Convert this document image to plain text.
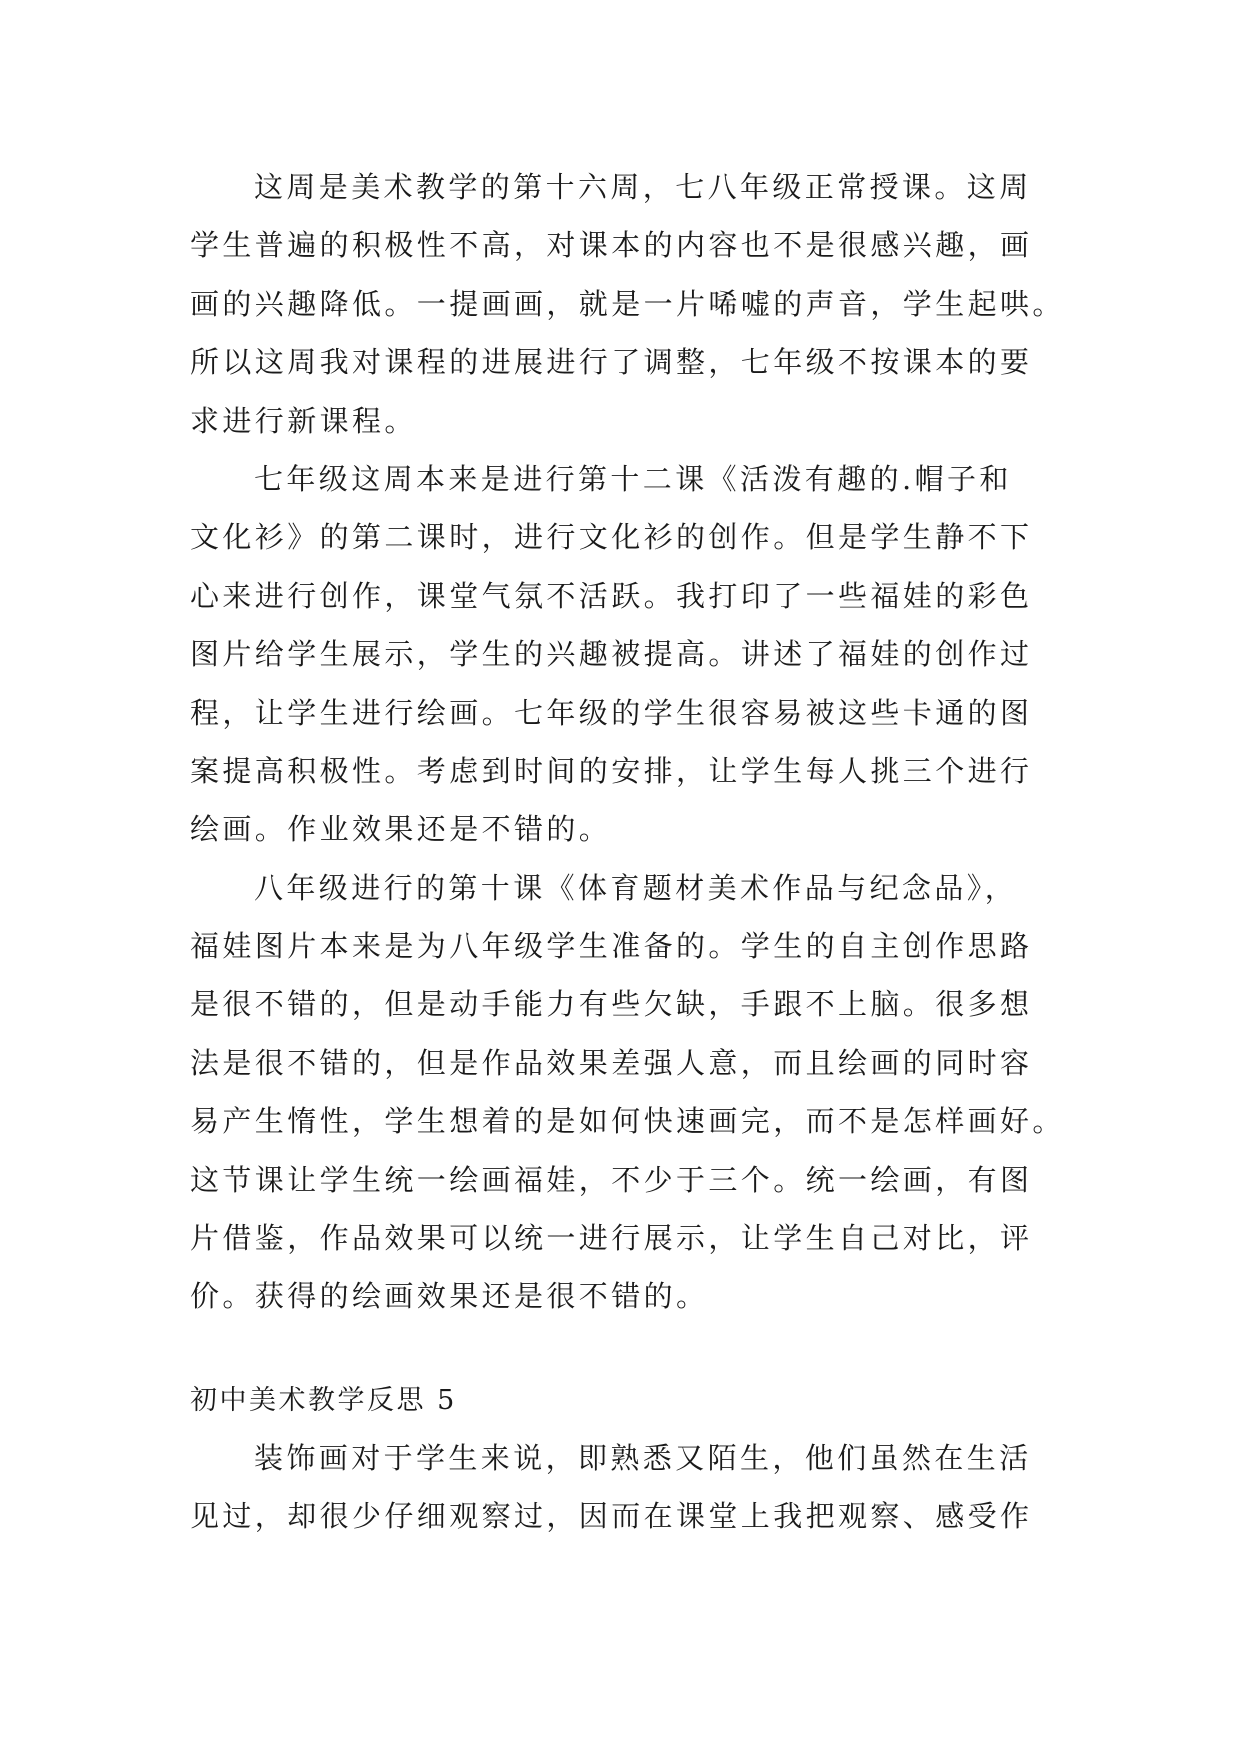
这周是美术教学的第十六周，七八年级正常授课。这周
学生普遍的积极性不高，对课本的内容也不是很感兴趣，画
画的兴趣降低。一提画画，就是一片唏嘘的声音，学生起哄。
所以这周我对课程的进展进行了调整，七年级不按课本的要
求进行新课程。
七年级这周本来是进行第十二课《活泼有趣的.帽子和
文化衫》的第二课时，进行文化衫的创作。但是学生静不下
心来进行创作，课堂气氛不活跃。我打印了一些福娃的彩色
图片给学生展示，学生的兴趣被提高。讲述了福娃的创作过
程，让学生进行绘画。七年级的学生很容易被这些卡通的图
案提高积极性。考虑到时间的安排，让学生每人挑三个进行
绘画。作业效果还是不错的。
八年级进行的第十课《体育题材美术作品与纪念品》，
福娃图片本来是为八年级学生准备的。学生的自主创作思路
是很不错的，但是动手能力有些欠缺，手跟不上脑。很多想
法是很不错的，但是作品效果差强人意，而且绘画的同时容
易产生惰性，学生想着的是如何快速画完，而不是怎样画好。
这节课让学生统一绘画福娃，不少于三个。统一绘画，有图
片借鉴，作品效果可以统一进行展示，让学生自己对比，评
价。获得的绘画效果还是很不错的。
初中美术教学反思 5
装饰画对于学生来说，即熟悉又陌生，他们虽然在生活
见过，却很少仔细观察过，因而在课堂上我把观察、感受作
